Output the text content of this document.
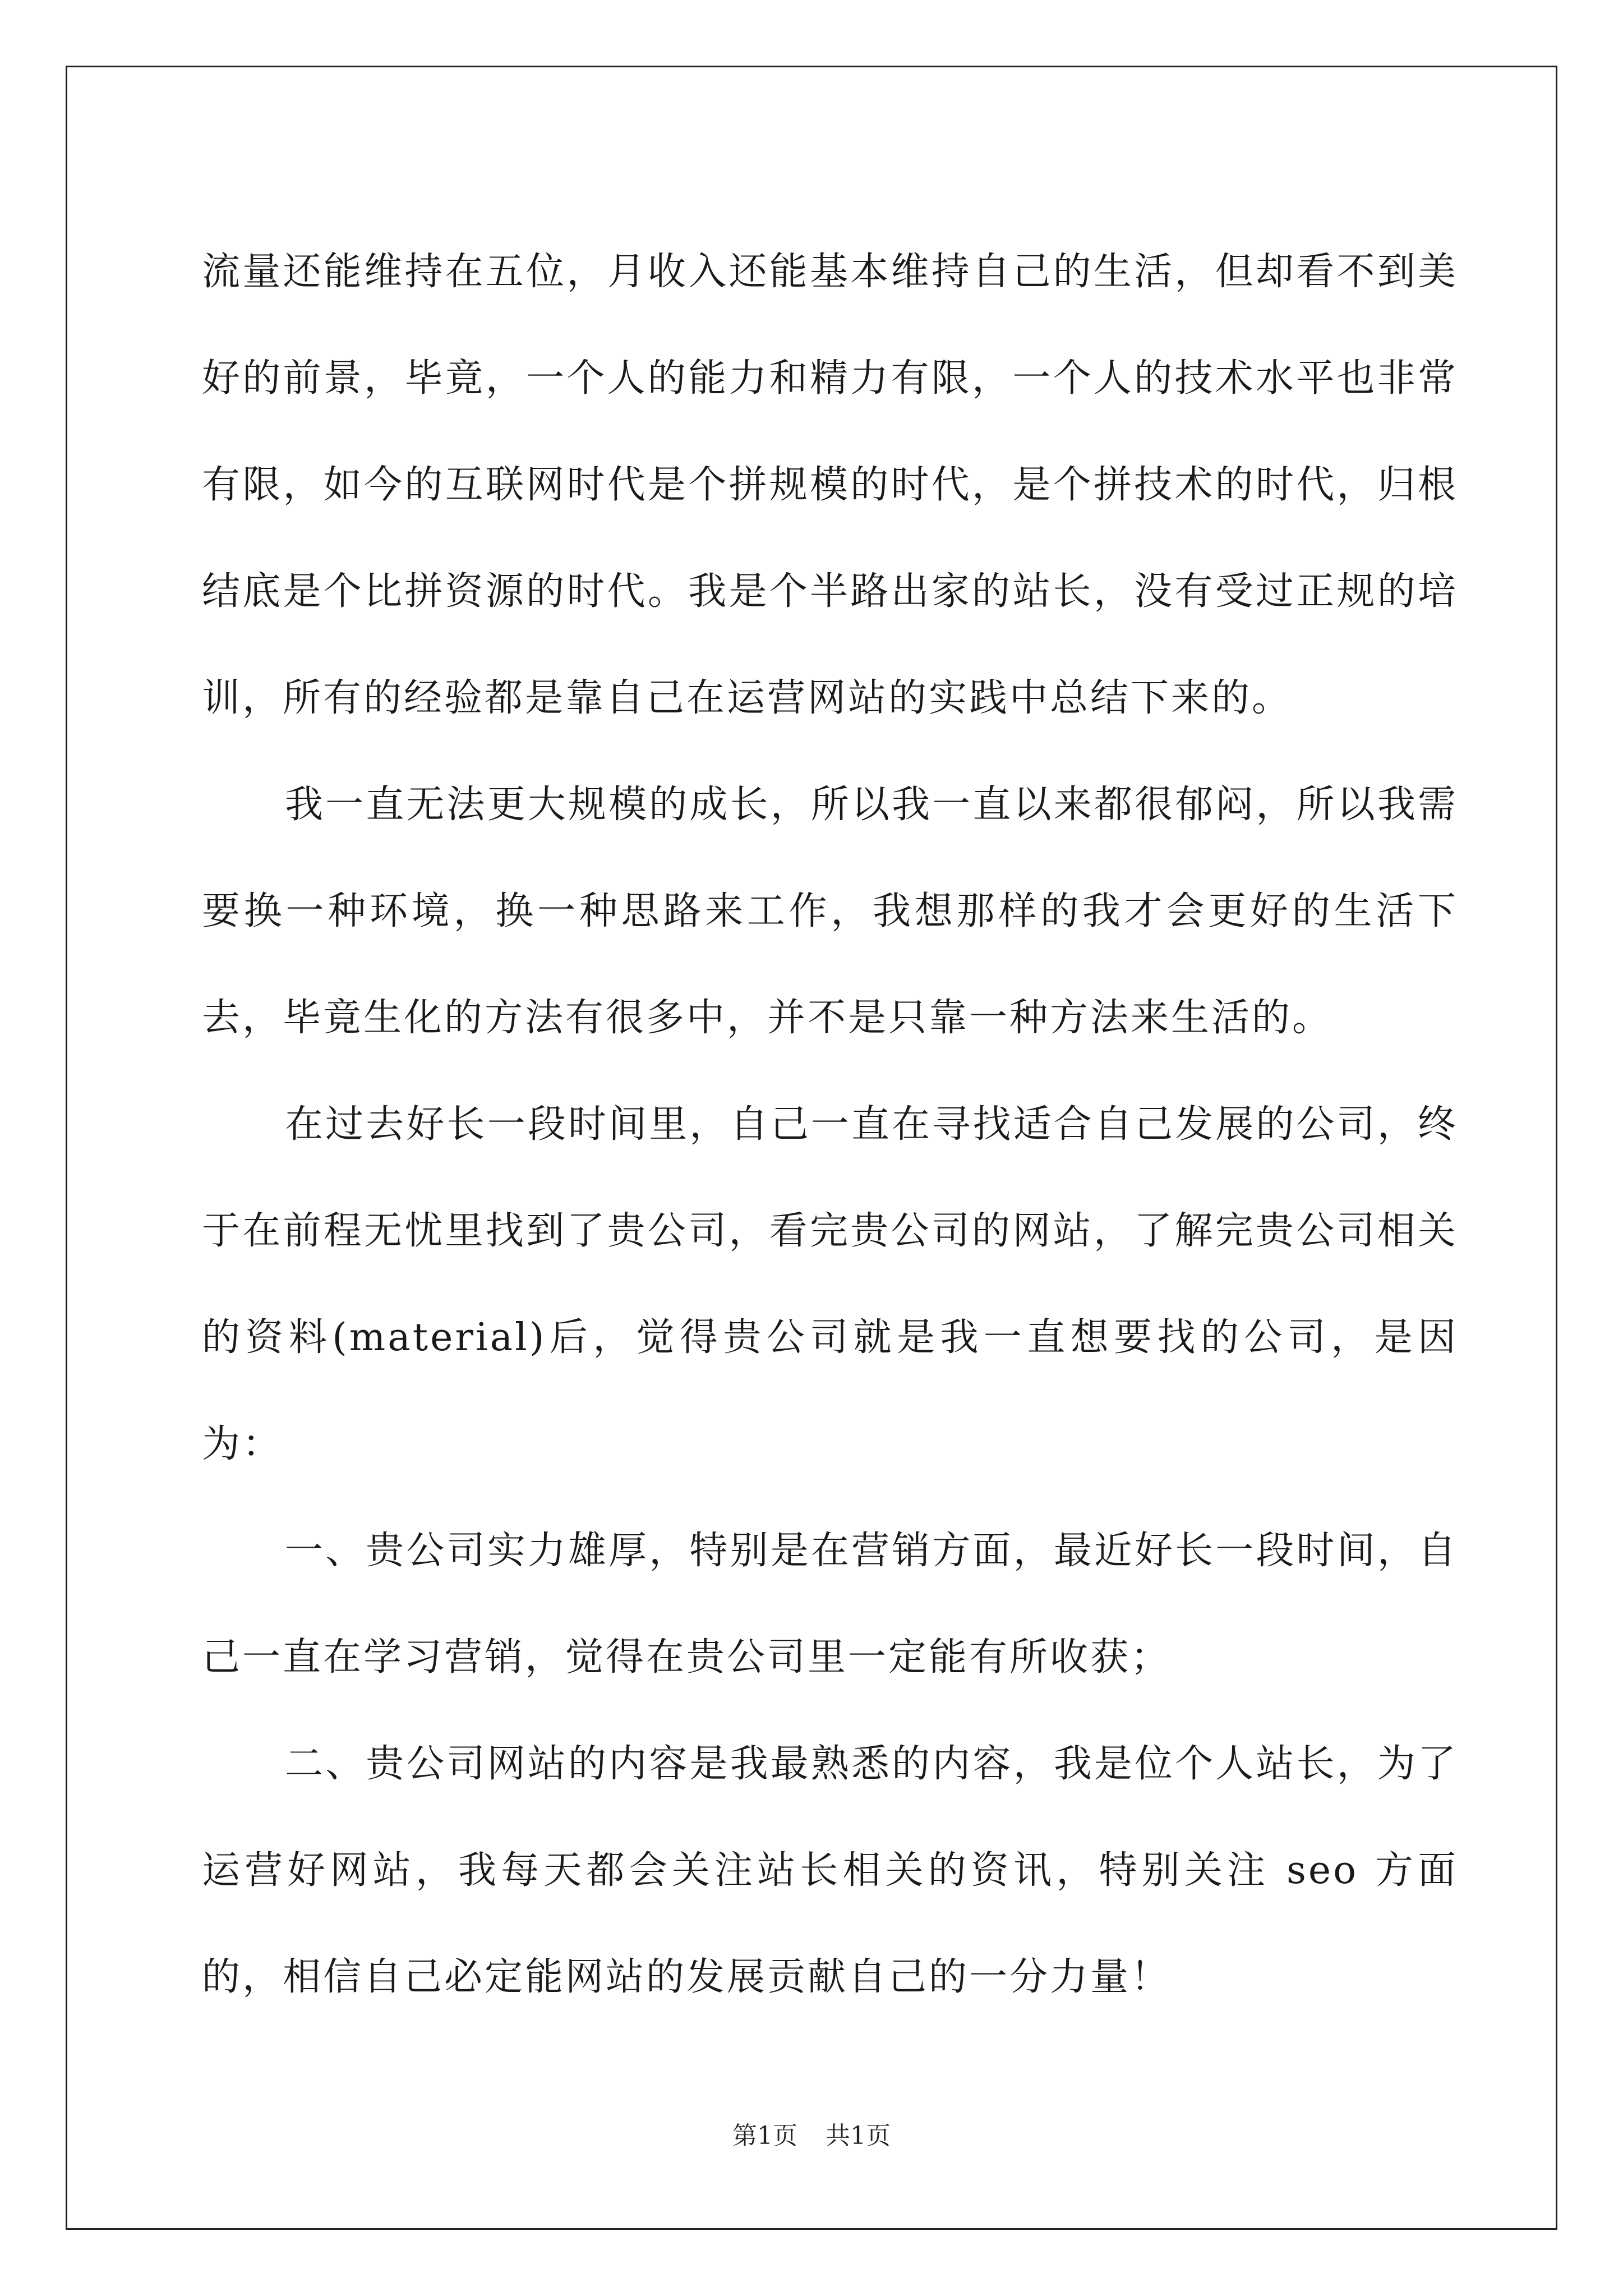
流量还能维持在五位，月收入还能基本维持自己的生活，但却看不到美好的前景，毕竟，一个人的能力和精力有限，一个人的技术水平也非常有限，如今的互联网时代是个拼规模的时代，是个拼技术的时代，归根结底是个比拼资源的时代。我是个半路出家的站长，没有受过正规的培训，所有的经验都是靠自己在运营网站的实践中总结下来的。

我一直无法更大规模的成长，所以我一直以来都很郁闷，所以我需要换一种环境，换一种思路来工作，我想那样的我才会更好的生活下去，毕竟生化的方法有很多中，并不是只靠一种方法来生活的。

在过去好长一段时间里，自己一直在寻找适合自己发展的公司，终于在前程无忧里找到了贵公司，看完贵公司的网站，了解完贵公司相关的资料(material)后，觉得贵公司就是我一直想要找的公司，是因为：

一、贵公司实力雄厚，特别是在营销方面，最近好长一段时间，自己一直在学习营销，觉得在贵公司里一定能有所收获；

二、贵公司网站的内容是我最熟悉的内容，我是位个人站长，为了运营好网站，我每天都会关注站长相关的资讯，特别关注 seo 方面的，相信自己必定能网站的发展贡献自己的一分力量！

第1页 共1页
